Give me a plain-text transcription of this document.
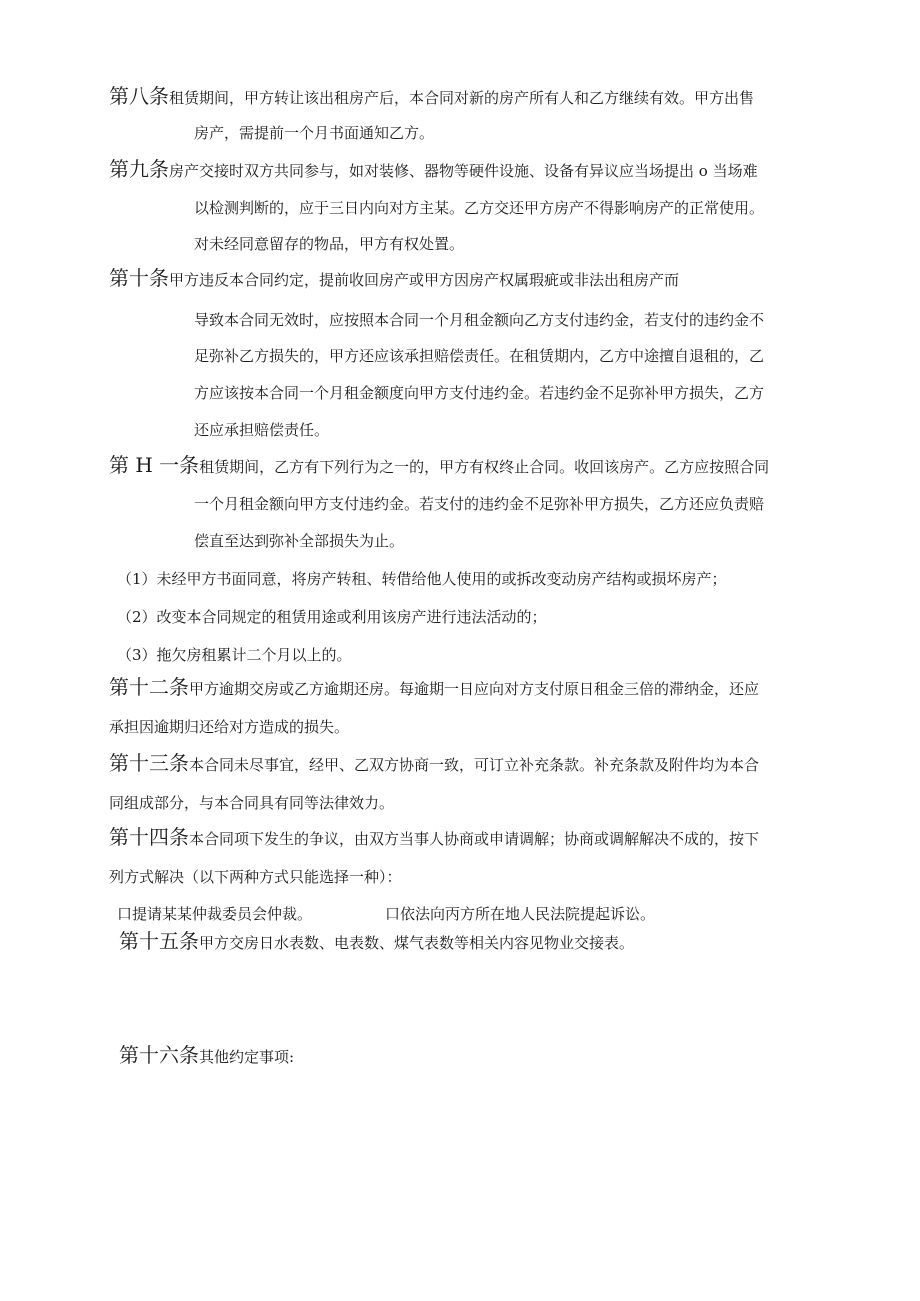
第八条租赁期间，甲方转让该出租房产后，本合同对新的房产所有人和乙方继续有效。甲方出售
房产，需提前一个月书面通知乙方。
第九条房产交接时双方共同参与，如对装修、器物等硬件设施、设备有异议应当场提出 o 当场难
以检测判断的，应于三日内向对方主某。乙方交还甲方房产不得影响房产的正常使用。
对未经同意留存的物品，甲方有权处置。
第十条甲方违反本合同约定，提前收回房产或甲方因房产权属瑕疵或非法出租房产而
导致本合同无效时，应按照本合同一个月租金额向乙方支付违约金，若支付的违约金不
足弥补乙方损失的，甲方还应该承担赔偿责任。在租赁期内，乙方中途擅自退租的，乙
方应该按本合同一个月租金额度向甲方支付违约金。若违约金不足弥补甲方损失，乙方
还应承担赔偿责任。
第 H 一条租赁期间，乙方有下列行为之一的，甲方有权终止合同。收回该房产。乙方应按照合同
一个月租金额向甲方支付违约金。若支付的违约金不足弥补甲方损失，乙方还应负责赔
偿直至达到弥补全部损失为止。
（1）未经甲方书面同意，将房产转租、转借给他人使用的或拆改变动房产结构或损坏房产；
（2）改变本合同规定的租赁用途或利用该房产进行违法活动的；
（3）拖欠房租累计二个月以上的。
第十二条甲方逾期交房或乙方逾期还房。每逾期一日应向对方支付原日租金三倍的滞纳金，还应
承担因逾期归还给对方造成的损失。
第十三条本合同未尽事宜，经甲、乙双方协商一致，可订立补充条款。补充条款及附件均为本合
同组成部分，与本合同具有同等法律效力。
第十四条本合同项下发生的争议，由双方当事人协商或申请调解；协商或调解解决不成的，按下
列方式解决（以下两种方式只能选择一种）：
口提请某某仲裁委员会仲裁。	口依法向丙方所在地人民法院提起诉讼。
第十五条甲方交房日水表数、电表数、煤气表数等相关内容见物业交接表。
第十六条其他约定事项:
